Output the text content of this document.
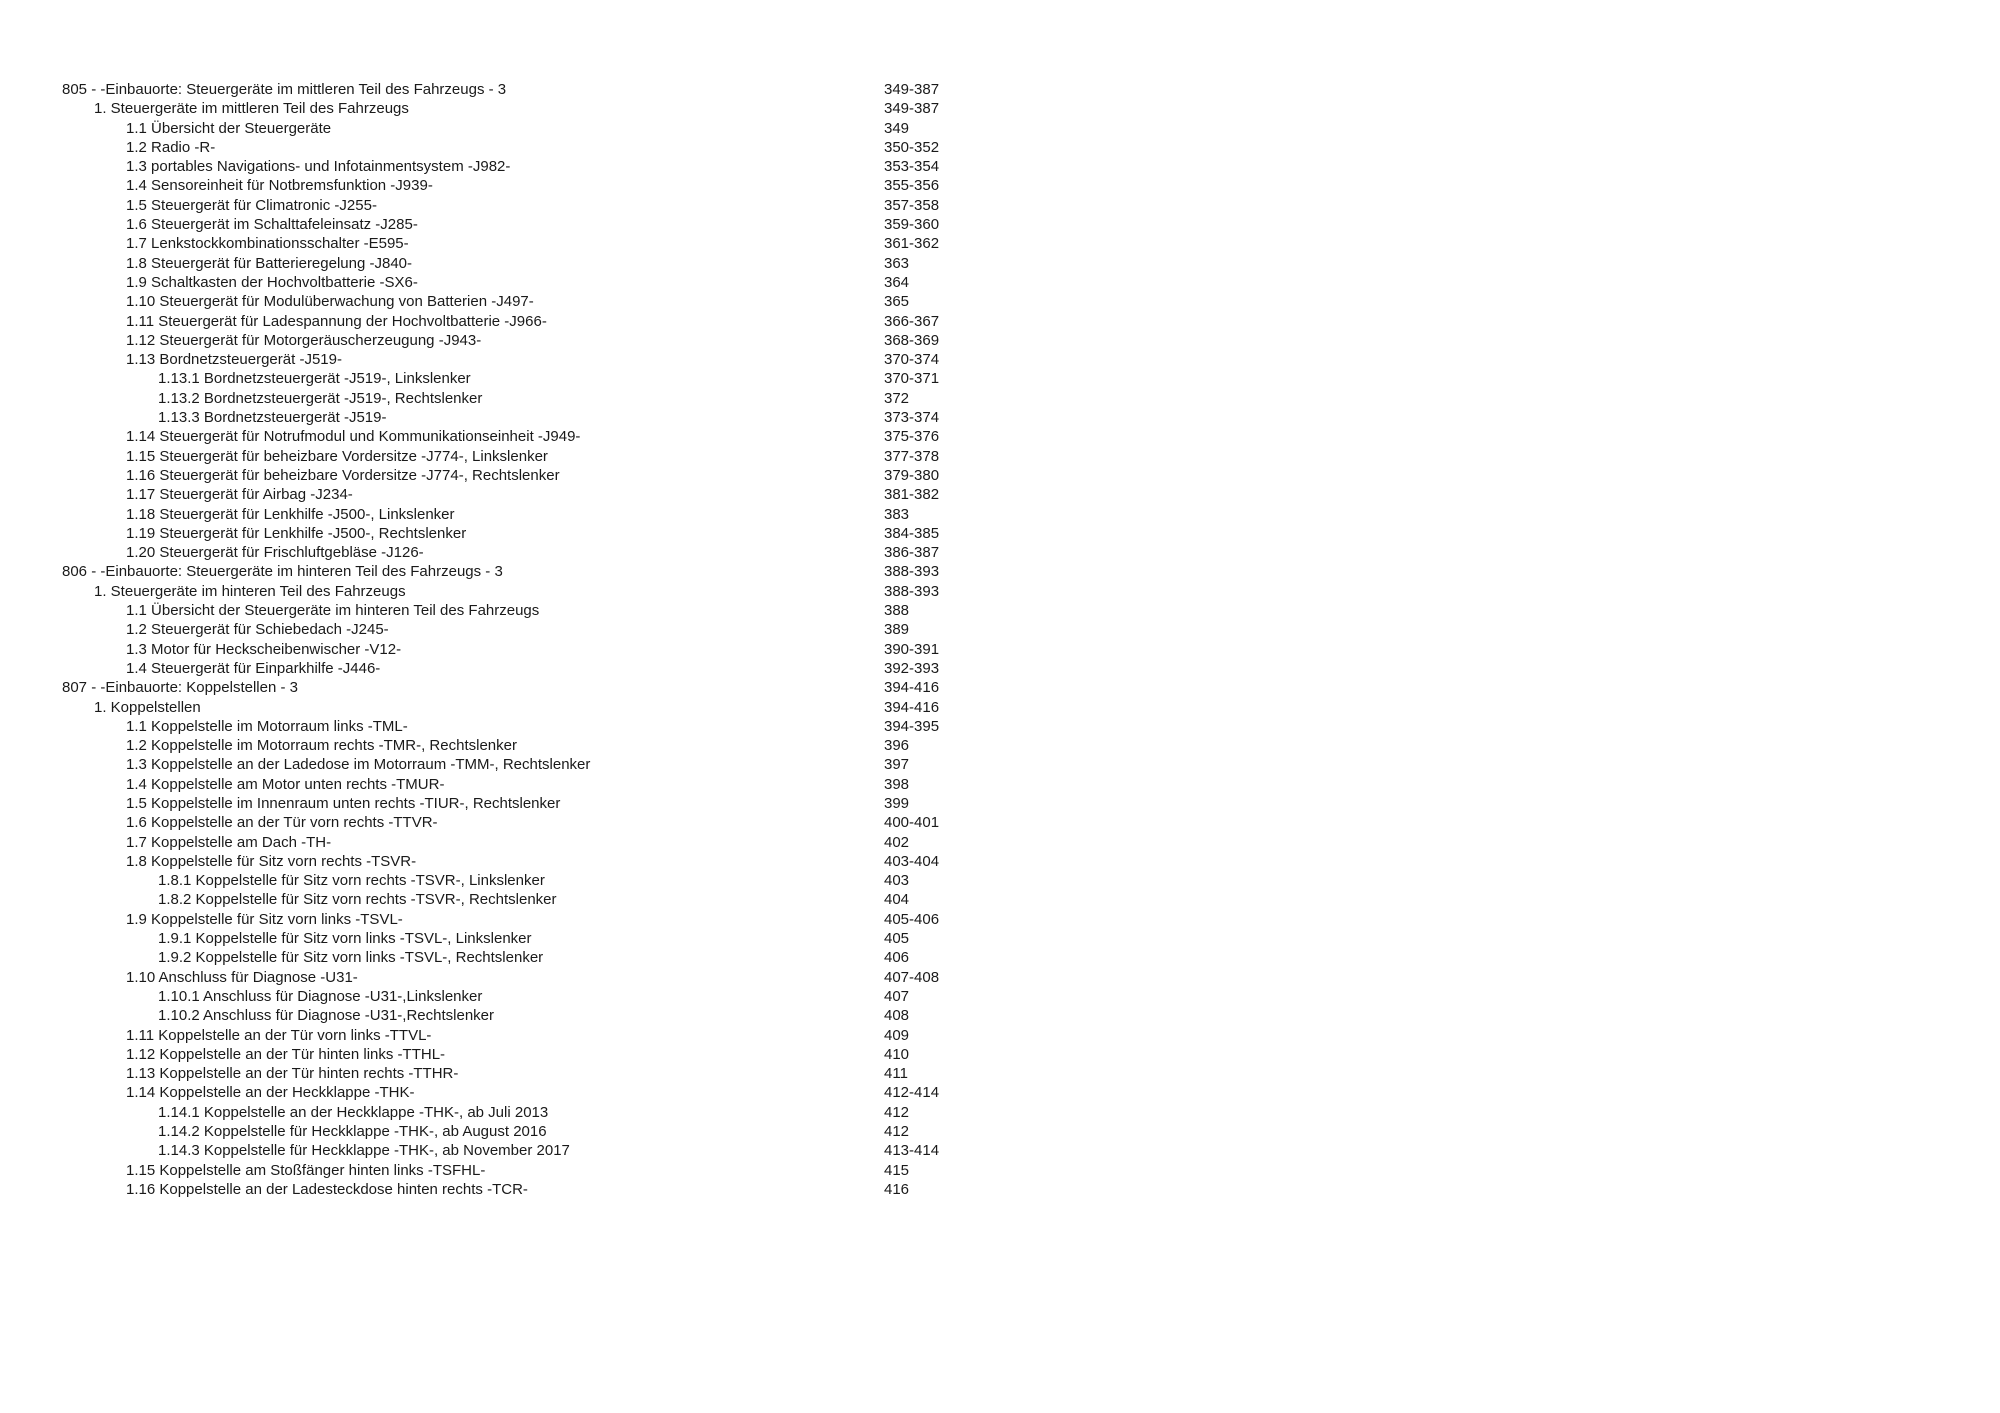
805 - -Einbauorte: Steuergeräte im mittleren Teil des Fahrzeugs - 3	349-387
1. Steuergeräte im mittleren Teil des Fahrzeugs	349-387
1.1 Übersicht der Steuergeräte	349
1.2 Radio -R-	350-352
1.3 portables Navigations- und Infotainmentsystem -J982-	353-354
1.4 Sensoreinheit für Notbremsfunktion -J939-	355-356
1.5 Steuergerät für Climatronic -J255-	357-358
1.6 Steuergerät im Schalttafeleinsatz -J285-	359-360
1.7 Lenkstockkombinationsschalter -E595-	361-362
1.8 Steuergerät für Batterieregelung -J840-	363
1.9 Schaltkasten der Hochvoltbatterie -SX6-	364
1.10 Steuergerät für Modulüberwachung von Batterien -J497-	365
1.11 Steuergerät für Ladespannung der Hochvoltbatterie -J966-	366-367
1.12 Steuergerät für Motorgeräuscherzeugung -J943-	368-369
1.13 Bordnetzsteuergerät -J519-	370-374
1.13.1 Bordnetzsteuergerät -J519-, Linkslenker	370-371
1.13.2 Bordnetzsteuergerät -J519-, Rechtslenker	372
1.13.3 Bordnetzsteuergerät -J519-	373-374
1.14 Steuergerät für Notrufmodul und Kommunikationseinheit -J949-	375-376
1.15 Steuergerät für beheizbare Vordersitze -J774-, Linkslenker	377-378
1.16 Steuergerät für beheizbare Vordersitze -J774-, Rechtslenker	379-380
1.17 Steuergerät für Airbag -J234-	381-382
1.18 Steuergerät für Lenkhilfe -J500-, Linkslenker	383
1.19 Steuergerät für Lenkhilfe -J500-, Rechtslenker	384-385
1.20 Steuergerät für Frischluftgebläse -J126-	386-387
806 - -Einbauorte: Steuergeräte im hinteren Teil des Fahrzeugs - 3	388-393
1. Steuergeräte im hinteren Teil des Fahrzeugs	388-393
1.1 Übersicht der Steuergeräte im hinteren Teil des Fahrzeugs	388
1.2 Steuergerät für Schiebedach -J245-	389
1.3 Motor für Heckscheibenwischer -V12-	390-391
1.4 Steuergerät für Einparkhilfe -J446-	392-393
807 - -Einbauorte: Koppelstellen - 3	394-416
1. Koppelstellen	394-416
1.1 Koppelstelle im Motorraum links -TML-	394-395
1.2 Koppelstelle im Motorraum rechts -TMR-, Rechtslenker	396
1.3 Koppelstelle an der Ladedose im Motorraum -TMM-, Rechtslenker	397
1.4 Koppelstelle am Motor unten rechts -TMUR-	398
1.5 Koppelstelle im Innenraum unten rechts -TIUR-, Rechtslenker	399
1.6 Koppelstelle an der Tür vorn rechts -TTVR-	400-401
1.7 Koppelstelle am Dach -TH-	402
1.8 Koppelstelle für Sitz vorn rechts -TSVR-	403-404
1.8.1 Koppelstelle für Sitz vorn rechts -TSVR-, Linkslenker	403
1.8.2 Koppelstelle für Sitz vorn rechts -TSVR-, Rechtslenker	404
1.9 Koppelstelle für Sitz vorn links -TSVL-	405-406
1.9.1 Koppelstelle für Sitz vorn links -TSVL-, Linkslenker	405
1.9.2 Koppelstelle für Sitz vorn links -TSVL-, Rechtslenker	406
1.10 Anschluss für Diagnose -U31-	407-408
1.10.1 Anschluss für Diagnose -U31-,Linkslenker	407
1.10.2 Anschluss für Diagnose -U31-,Rechtslenker	408
1.11 Koppelstelle an der Tür vorn links -TTVL-	409
1.12 Koppelstelle an der Tür hinten links -TTHL-	410
1.13 Koppelstelle an der Tür hinten rechts -TTHR-	411
1.14 Koppelstelle an der Heckklappe -THK-	412-414
1.14.1 Koppelstelle an der Heckklappe -THK-, ab Juli 2013	412
1.14.2 Koppelstelle für Heckklappe -THK-, ab August 2016	412
1.14.3 Koppelstelle für Heckklappe -THK-, ab November 2017	413-414
1.15 Koppelstelle am Stoßfänger hinten links -TSFHL-	415
1.16 Koppelstelle an der Ladesteckdose hinten rechts -TCR-	416
